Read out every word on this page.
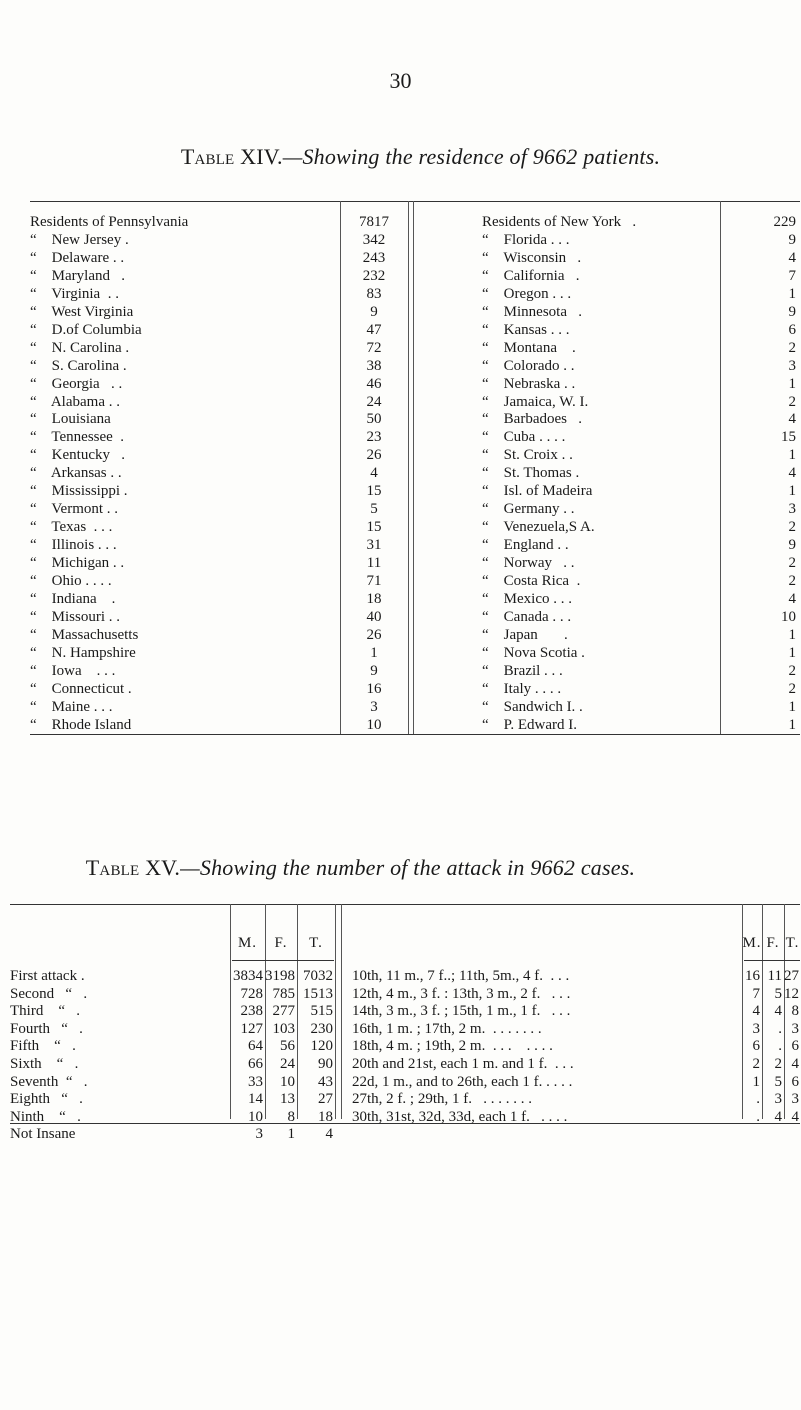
30
Table XIV.—Showing the residence of 9662 patients.
Residents of Pennsylvania	7817
“    New Jersey .	342
“    Delaware . .	243
“    Maryland   .	232
“    Virginia  . .	83
“    West Virginia	9
“    D.of Columbia	47
“    N. Carolina .	72
“    S. Carolina .	38
“    Georgia   . .	46
“    Alabama . .	24
“    Louisiana	50
“    Tennessee  .	23
“    Kentucky   .	26
“    Arkansas . .	4
“    Mississippi .	15
“    Vermont . .	5
“    Texas  . . .	15
“    Illinois . . .	31
“    Michigan . .	11
“    Ohio . . . .	71
“    Indiana    .	18
“    Missouri . .	40
“    Massachusetts	26
“    N. Hampshire	1
“    Iowa    . . .	9
“    Connecticut .	16
“    Maine . . .	3
“    Rhode Island	10
Residents of New York   .	229
“    Florida . . .	9
“    Wisconsin   .	4
“    California   .	7
“    Oregon . . .	1
“    Minnesota   .	9
“    Kansas . . .	6
“    Montana    .	2
“    Colorado . .	3
“    Nebraska . .	1
“    Jamaica, W. I.	2
“    Barbadoes   .	4
“    Cuba . . . .	15
“    St. Croix . .	1
“    St. Thomas .	4
“    Isl. of Madeira	1
“    Germany . .	3
“    Venezuela,S A.	2
“    England . .	9
“    Norway   . .	2
“    Costa Rica  .	2
“    Mexico . . .	4
“    Canada . . .	10
“    Japan       .	1
“    Nova Scotia .	1
“    Brazil . . .	2
“    Italy . . . .	2
“    Sandwich I. .	1
“    P. Edward I.	1
Table XV.—Showing the number of the attack in 9662 cases.
M.	F.	T.	M. F. T.
First attack .	3834 3198 7032
Second   “   .	728 785 1513
Third    “   .	238 277	515
Fourth   “   .	127 103	230
Fifth    “   .	64	56	120
Sixth    “   .	66	24	90
Seventh  “   .	33	10	43
Eighth   “   .	14	13	27
Ninth    “   .	10	8	18
Not Insane	3	1	4
10th, 11 m., 7 f..; 11th, 5m., 4 f.  . . .	16 11 27
12th, 4 m., 3 f. : 13th, 3 m., 2 f.   . . .	7 5 12
14th, 3 m., 3 f. ; 15th, 1 m., 1 f.   . . .	4 4 8
16th, 1 m. ; 17th, 2 m.  . . . . . . .	3	. 3
18th, 4 m. ; 19th, 2 m.  . . .    . . . .	6	. 6
20th and 21st, each 1 m. and 1 f.  . . .	2 2 4
22d, 1 m., and to 26th, each 1 f. . . . .	1 5 6
27th, 2 f. ; 29th, 1 f.   . . . . . . .	. 3 3
30th, 31st, 32d, 33d, each 1 f.   . . . .	. 4 4
